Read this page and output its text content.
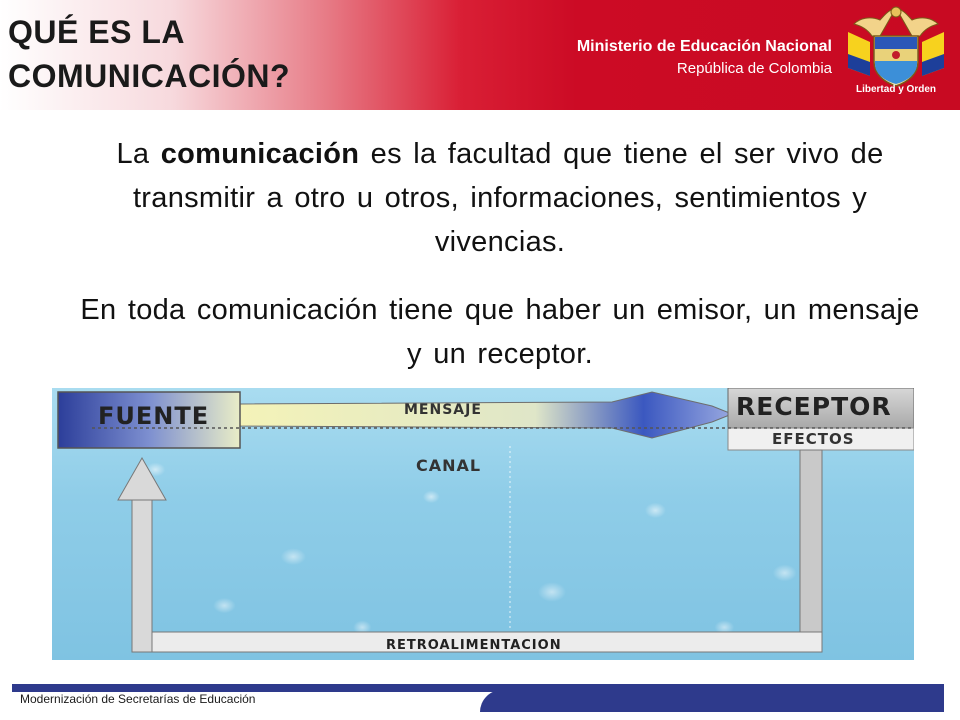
QUÉ ES LA
COMUNICACIÓN?
Ministerio de Educación Nacional
República de Colombia
Libertad y Orden
La comunicación es la facultad que tiene el ser vivo de transmitir a otro u otros, informaciones, sentimientos y vivencias.
En toda comunicación tiene que haber un emisor, un mensaje y un receptor.
FUENTE	MENSAJE	RECEPTOR
EFECTOS
CANAL
RETROALIMENTACION
Modernización de Secretarías de Educación
